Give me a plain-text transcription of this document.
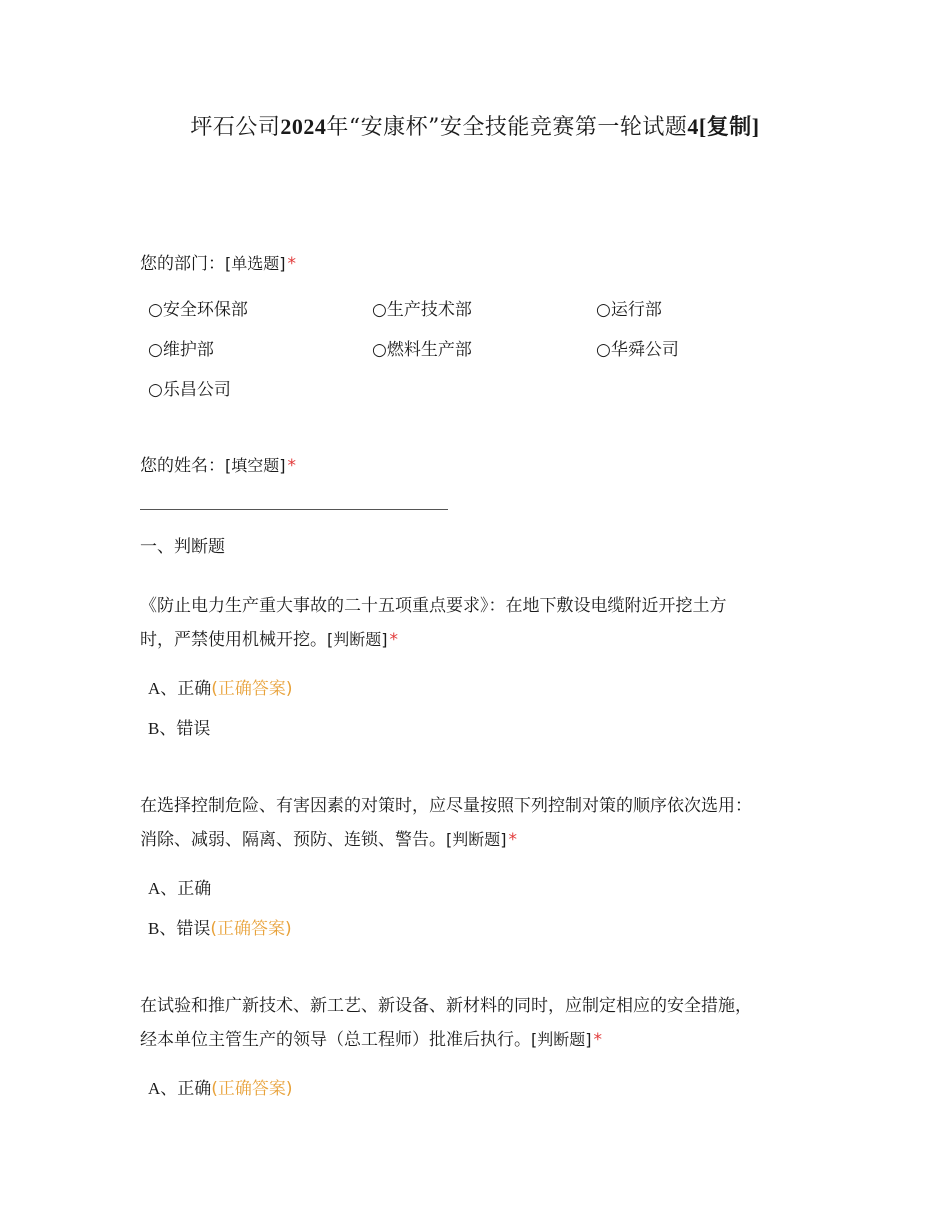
坪石公司2024年“安康杯”安全技能竞赛第一轮试题4[复制]
您的部门：[单选题] *
○安全环保部	○生产技术部	○运行部
○维护部	○燃料生产部	○华舜公司
○乐昌公司
您的姓名：[填空题] *
一、判断题
《防止电力生产重大事故的二十五项重点要求》：在地下敷设电缆附近开挖土方
时，严禁使用机械开挖。[判断题] *
A、正确(正确答案)
B、错误
在选择控制危险、有害因素的对策时，应尽量按照下列控制对策的顺序依次选用：
消除、减弱、隔离、预防、连锁、警告。[判断题] *
A、正确
B、错误(正确答案)
在试验和推广新技术、新工艺、新设备、新材料的同时，应制定相应的安全措施，
经本单位主管生产的领导（总工程师）批准后执行。[判断题] *
A、正确(正确答案)
